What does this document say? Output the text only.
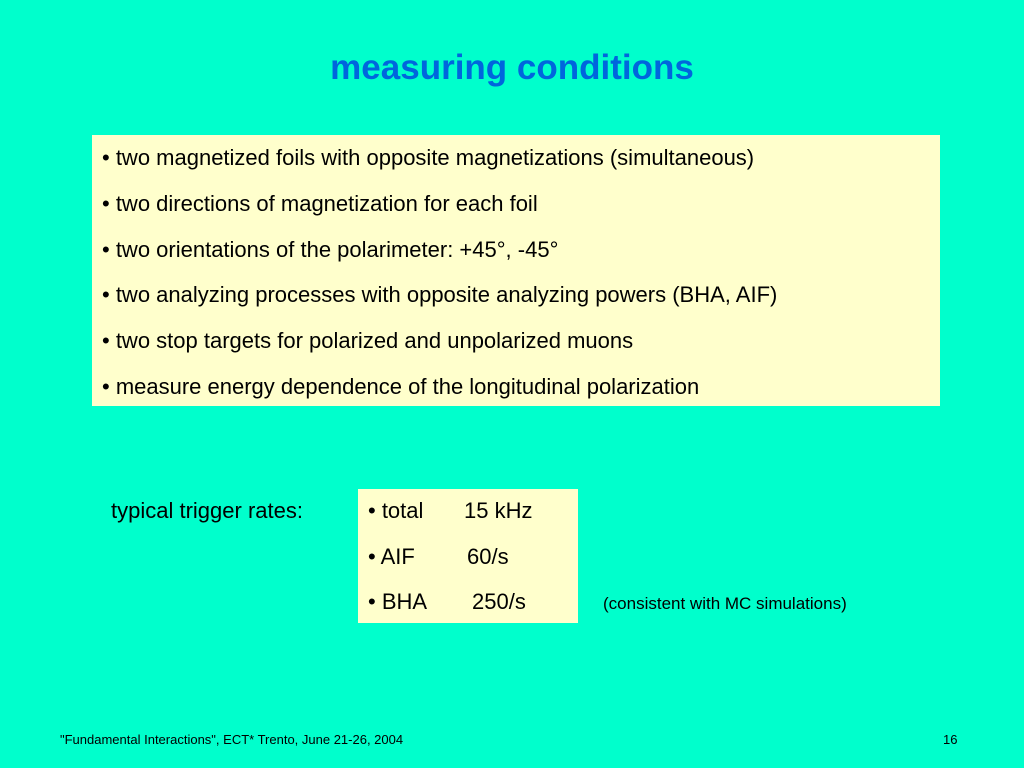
measuring conditions
• two magnetized foils with opposite magnetizations (simultaneous)
• two directions of magnetization for each foil
• two orientations of the polarimeter: +45°, -45°
• two analyzing processes with opposite analyzing powers (BHA, AIF)
• two stop targets for polarized and unpolarized muons
• measure energy dependence of the longitudinal polarization
typical trigger rates:	• total 15 kHz
• AIF 60/s
• BHA 250/s	(consistent with MC simulations)
"Fundamental Interactions", ECT* Trento, June 21-26, 2004	16
